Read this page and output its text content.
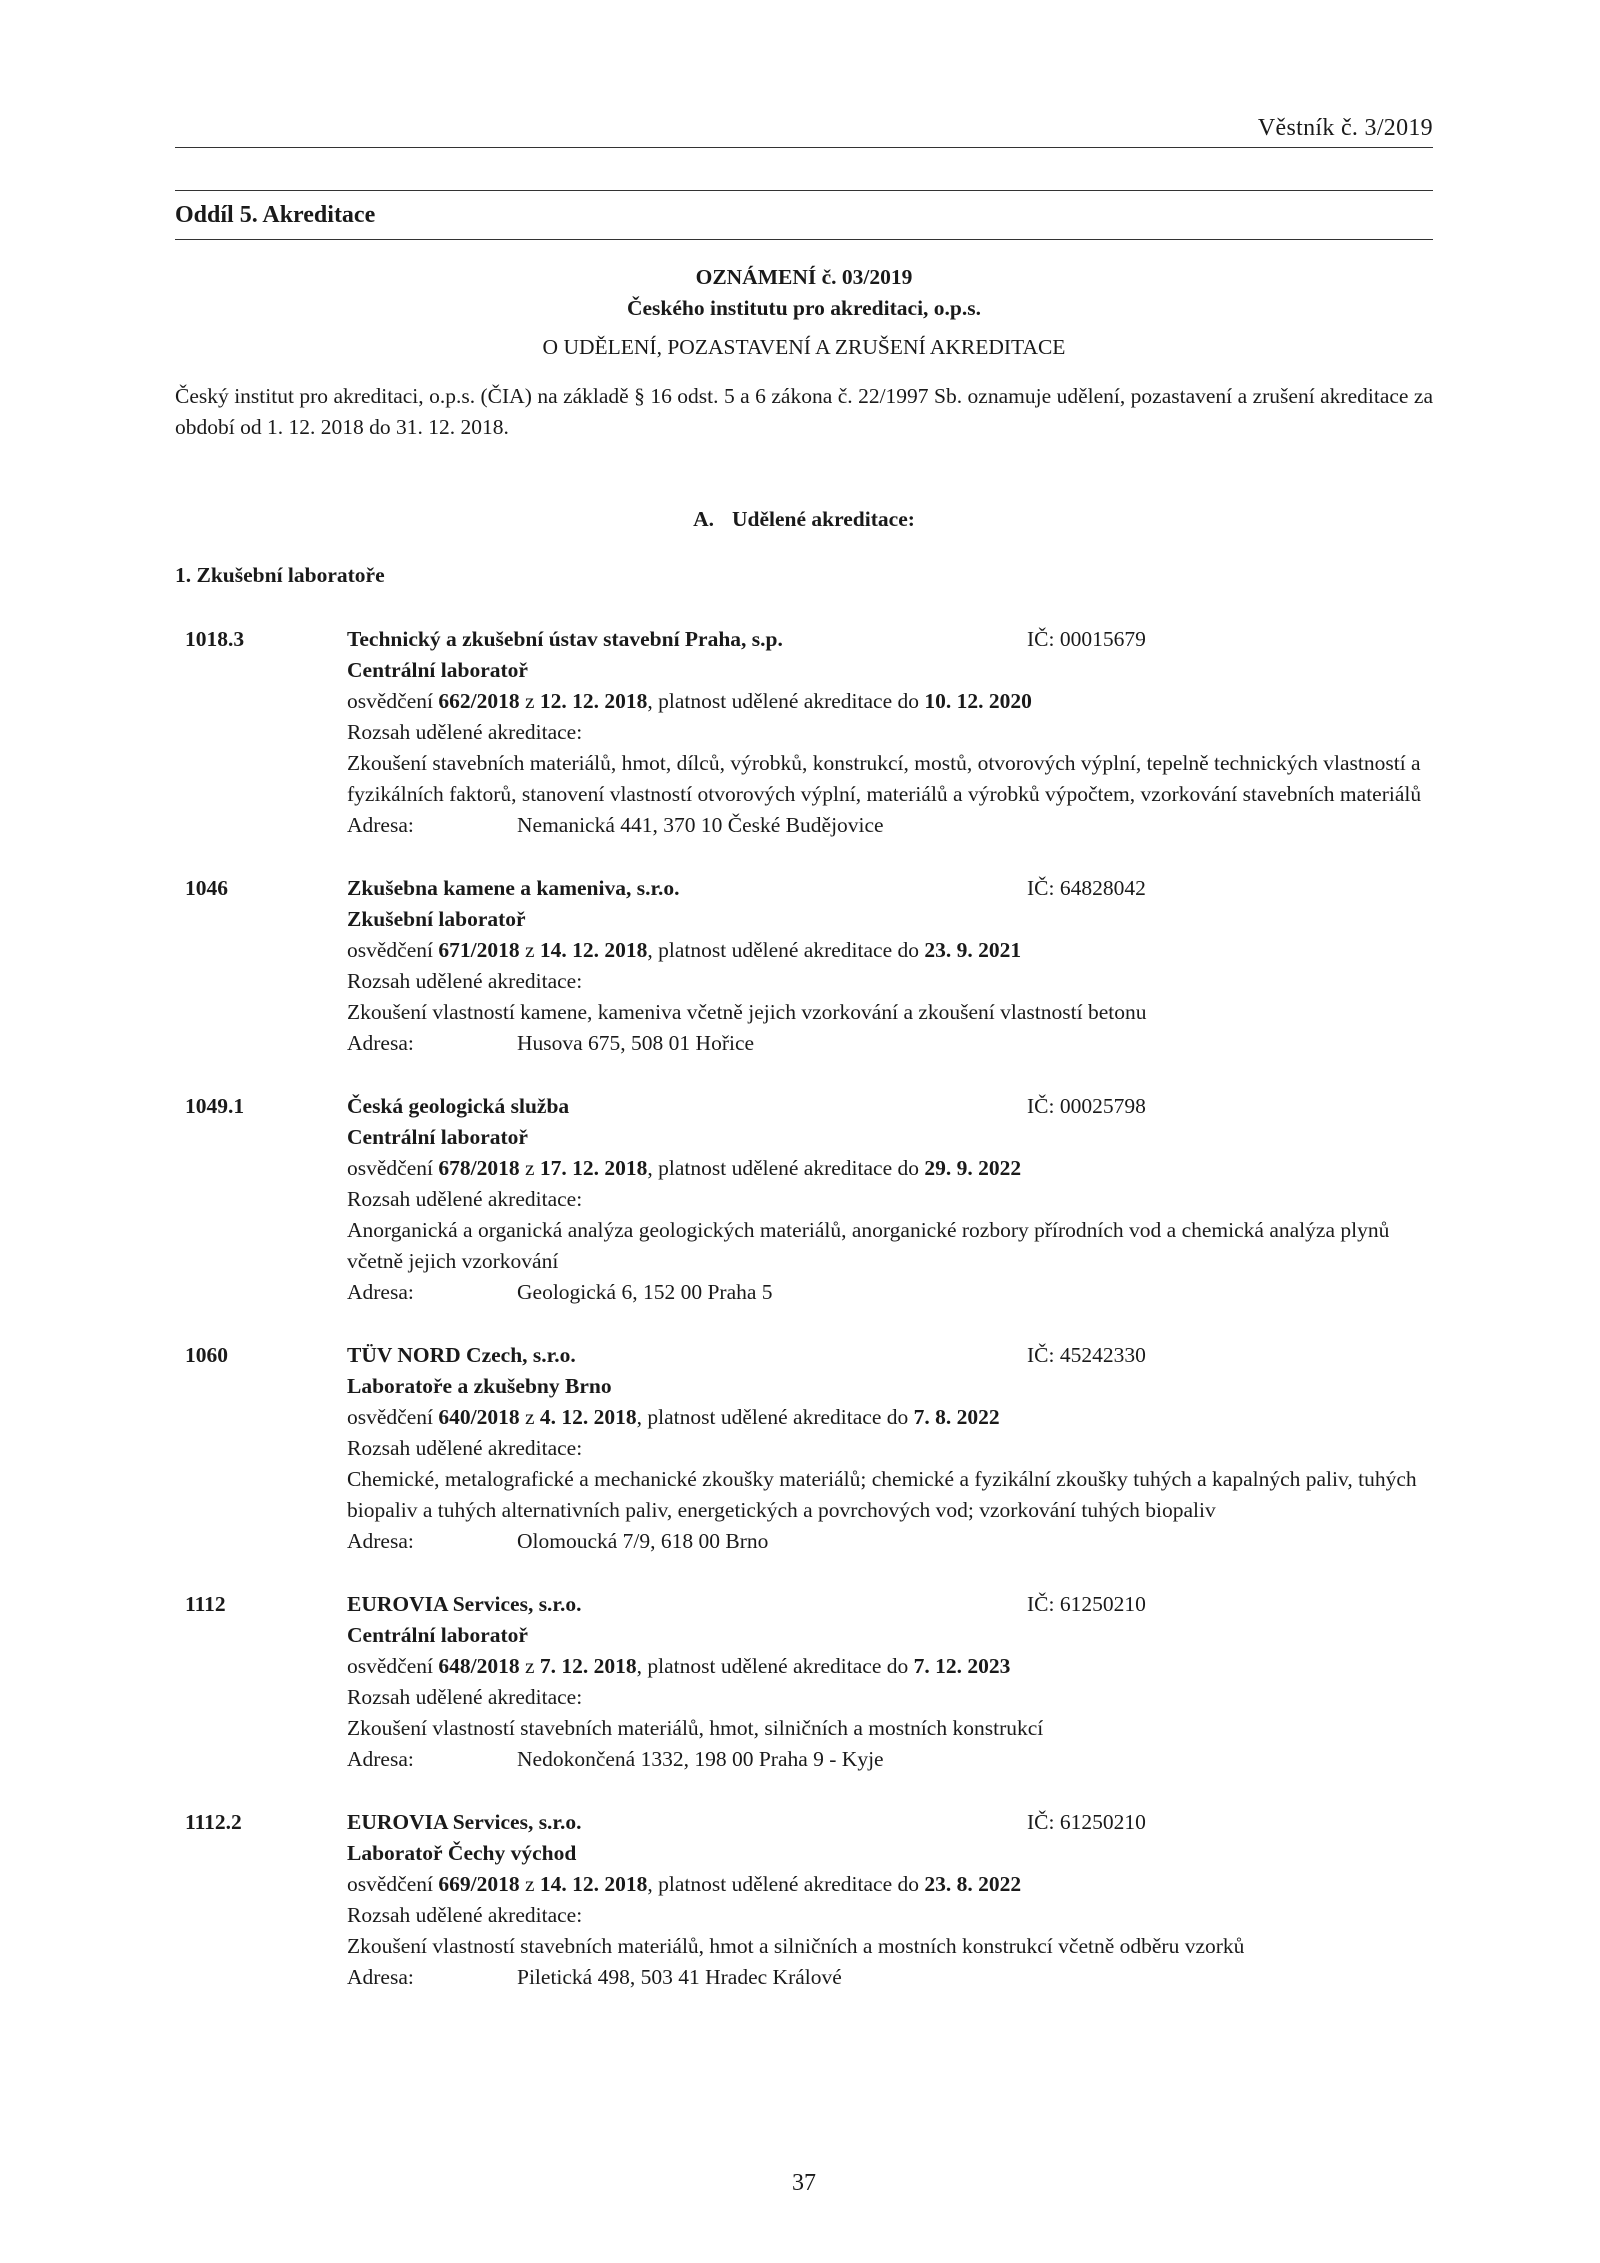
Věstník č. 3/2019
Oddíl 5. Akreditace
OZNÁMENÍ č. 03/2019
Českého institutu pro akreditaci, o.p.s.
O UDĚLENÍ, POZASTAVENÍ A ZRUŠENÍ AKREDITACE
Český institut pro akreditaci, o.p.s. (ČIA) na základě § 16 odst. 5 a 6 zákona č. 22/1997 Sb. oznamuje udělení, pozastavení a zrušení akreditace za období od 1. 12. 2018 do 31. 12. 2018.
A. Udělené akreditace:
1. Zkušební laboratoře
1018.3	Technický a zkušební ústav stavební Praha, s.p.	IČ: 00015679
Centrální laboratoř
osvědčení 662/2018 z 12. 12. 2018, platnost udělené akreditace do 10. 12. 2020
Rozsah udělené akreditace:
Zkoušení stavebních materiálů, hmot, dílců, výrobků, konstrukcí, mostů, otvorových výplní, tepelně technických vlastností a fyzikálních faktorů, stanovení vlastností otvorových výplní, materiálů a výrobků výpočtem, vzorkování stavebních materiálů
Adresa:	Nemanická 441, 370 10 České Budějovice
1046	Zkušebna kamene a kameniva, s.r.o.	IČ: 64828042
Zkušební laboratoř
osvědčení 671/2018 z 14. 12. 2018, platnost udělené akreditace do 23. 9. 2021
Rozsah udělené akreditace:
Zkoušení vlastností kamene, kameniva včetně jejich vzorkování a zkoušení vlastností betonu
Adresa:	Husova 675, 508 01 Hořice
1049.1	Česká geologická služba	IČ: 00025798
Centrální laboratoř
osvědčení 678/2018 z 17. 12. 2018, platnost udělené akreditace do 29. 9. 2022
Rozsah udělené akreditace:
Anorganická a organická analýza geologických materiálů, anorganické rozbory přírodních vod a chemická analýza plynů včetně jejich vzorkování
Adresa:	Geologická 6, 152 00 Praha 5
1060	TÜV NORD Czech, s.r.o.	IČ: 45242330
Laboratoře a zkušebny Brno
osvědčení 640/2018 z 4. 12. 2018, platnost udělené akreditace do 7. 8. 2022
Rozsah udělené akreditace:
Chemické, metalografické a mechanické zkoušky materiálů; chemické a fyzikální zkoušky tuhých a kapalných paliv, tuhých biopaliv a tuhých alternativních paliv, energetických a povrchových vod; vzorkování tuhých biopaliv
Adresa:	Olomoucká 7/9, 618 00 Brno
1112	EUROVIA Services, s.r.o.	IČ: 61250210
Centrální laboratoř
osvědčení 648/2018 z 7. 12. 2018, platnost udělené akreditace do 7. 12. 2023
Rozsah udělené akreditace:
Zkoušení vlastností stavebních materiálů, hmot, silničních a mostních konstrukcí
Adresa:	Nedokončená 1332, 198 00 Praha 9 - Kyje
1112.2	EUROVIA Services, s.r.o.	IČ: 61250210
Laboratoř Čechy východ
osvědčení 669/2018 z 14. 12. 2018, platnost udělené akreditace do 23. 8. 2022
Rozsah udělené akreditace:
Zkoušení vlastností stavebních materiálů, hmot a silničních a mostních konstrukcí včetně odběru vzorků
Adresa:	Piletická 498, 503 41 Hradec Králové
37
